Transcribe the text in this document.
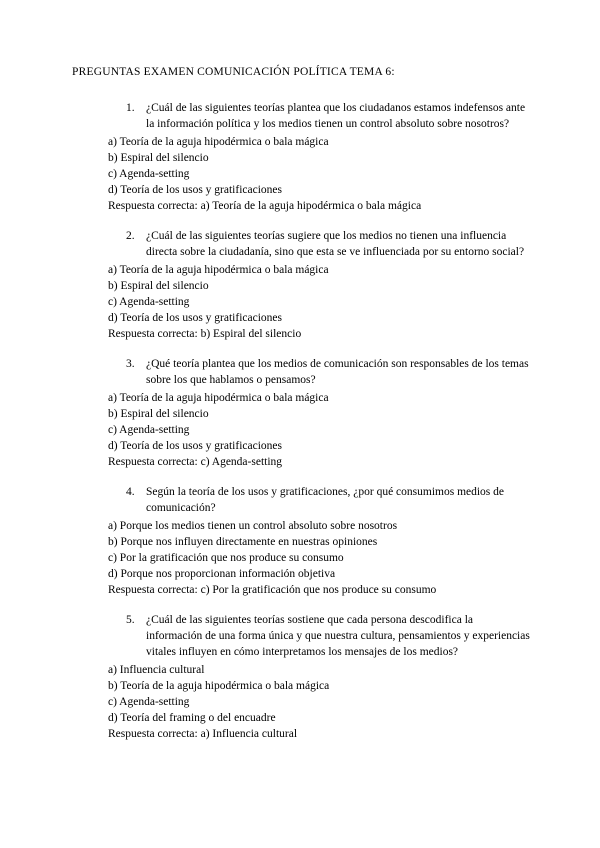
PREGUNTAS EXAMEN COMUNICACIÓN POLÍTICA TEMA 6:

1. ¿Cuál de las siguientes teorías plantea que los ciudadanos estamos indefensos ante la información política y los medios tienen un control absoluto sobre nosotros?
a) Teoría de la aguja hipodérmica o bala mágica
b) Espiral del silencio
c) Agenda-setting
d) Teoría de los usos y gratificaciones
Respuesta correcta: a) Teoría de la aguja hipodérmica o bala mágica
2. ¿Cuál de las siguientes teorías sugiere que los medios no tienen una influencia directa sobre la ciudadanía, sino que esta se ve influenciada por su entorno social?
a) Teoría de la aguja hipodérmica o bala mágica
b) Espiral del silencio
c) Agenda-setting
d) Teoría de los usos y gratificaciones
Respuesta correcta: b) Espiral del silencio
3. ¿Qué teoría plantea que los medios de comunicación son responsables de los temas sobre los que hablamos o pensamos?
a) Teoría de la aguja hipodérmica o bala mágica
b) Espiral del silencio
c) Agenda-setting
d) Teoría de los usos y gratificaciones
Respuesta correcta: c) Agenda-setting
4. Según la teoría de los usos y gratificaciones, ¿por qué consumimos medios de comunicación?
a) Porque los medios tienen un control absoluto sobre nosotros
b) Porque nos influyen directamente en nuestras opiniones
c) Por la gratificación que nos produce su consumo
d) Porque nos proporcionan información objetiva
Respuesta correcta: c) Por la gratificación que nos produce su consumo
5. ¿Cuál de las siguientes teorías sostiene que cada persona descodifica la información de una forma única y que nuestra cultura, pensamientos y experiencias vitales influyen en cómo interpretamos los mensajes de los medios?
a) Influencia cultural
b) Teoría de la aguja hipodérmica o bala mágica
c) Agenda-setting
d) Teoría del framing o del encuadre
Respuesta correcta: a) Influencia cultural
